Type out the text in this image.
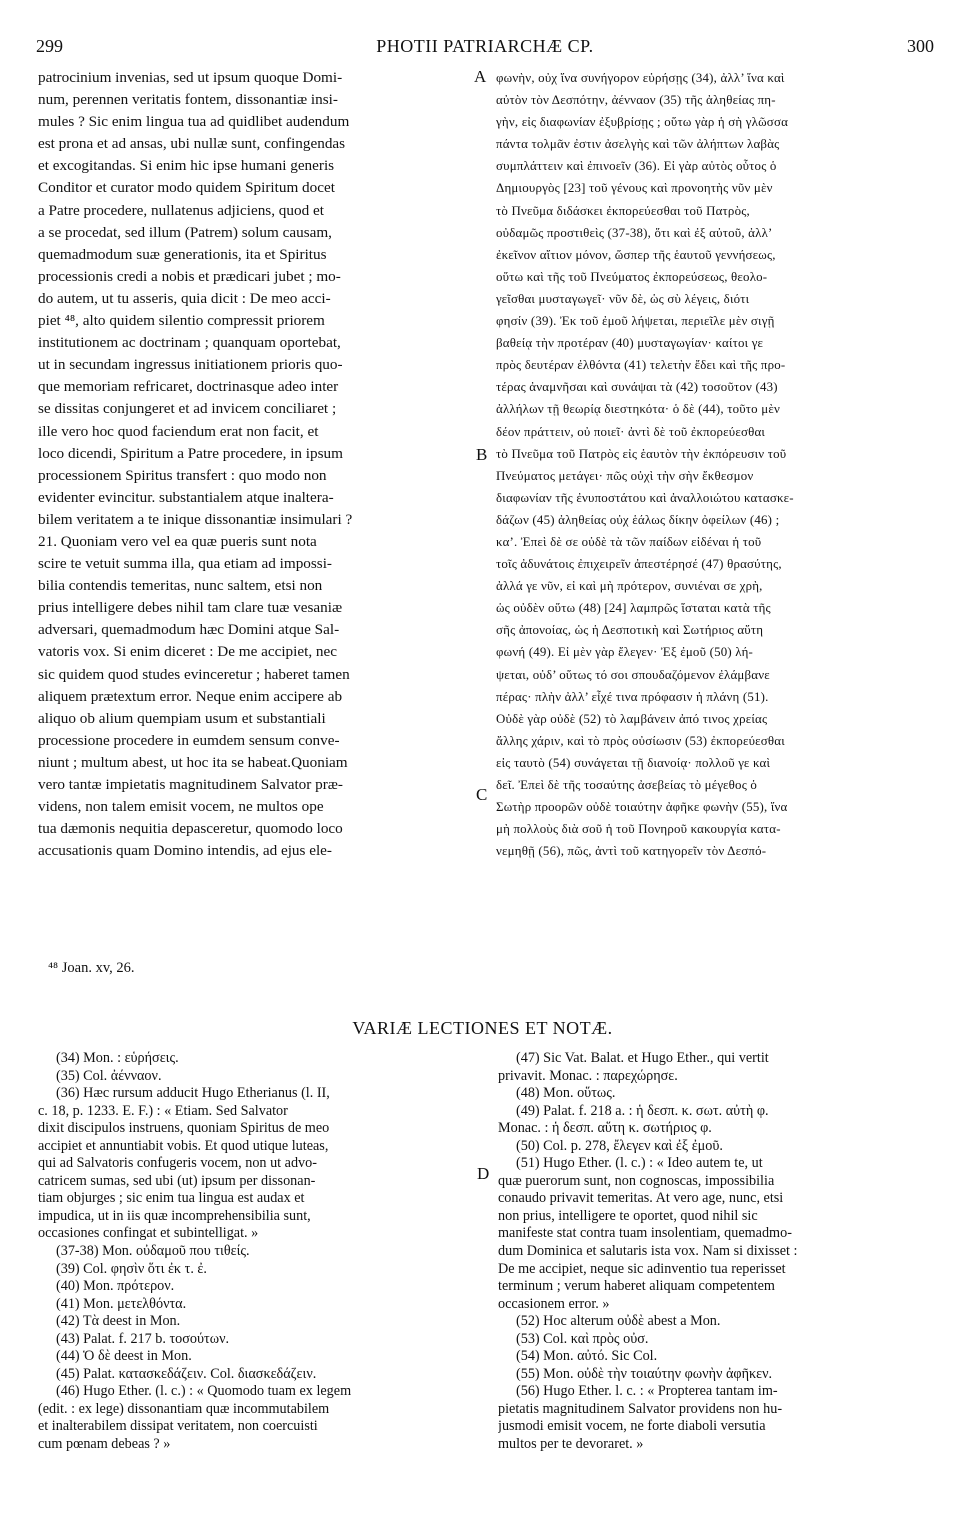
299	PHOTII PATRIARCHÆ CP.	300
patrocinium invenias, sed ut ipsum quoque Domi-
num, perennen veritatis fontem, dissonantiæ insi-
mules ? Sic enim lingua tua ad quidlibet audendum
est prona et ad ansas, ubi nullæ sunt, confingendas
et excogitandas. Si enim hic ipse humani generis
Conditor et curator modo quidem Spiritum docet
a Patre procedere, nullatenus adjiciens, quod et
a se procedat, sed illum (Patrem) solum causam,
quemadmodum suæ generationis, ita et Spiritus
processionis credi a nobis et prædicari jubet ; mo-
do autem, ut tu asseris, quia dicit : De meo acci-
piet ⁴⁸, alto quidem silentio compressit priorem
institutionem ac doctrinam ; quanquam oportebat,
ut in secundam ingressus initiationem prioris quo-
que memoriam refricaret, doctrinasque adeo inter
se dissitas conjungeret et ad invicem conciliaret ;
ille vero hoc quod faciendum erat non facit, et
loco dicendi, Spiritum a Patre procedere, in ipsum
processionem Spiritus transfert : quo modo non
evidenter evincitur. substantialem atque inaltera-
bilem veritatem a te inique dissonantiæ insimulari ?
21. Quoniam vero vel ea quæ pueris sunt nota
scire te vetuit summa illa, qua etiam ad impossi-
bilia contendis temeritas, nunc saltem, etsi non
prius intelligere debes nihil tam clare tuæ vesaniæ
adversari, quemadmodum hæc Domini atque Sal-
vatoris vox. Si enim diceret : De me accipiet, nec
sic quidem quod studes evinceretur ; haberet tamen
aliquem prætextum error. Neque enim accipere ab
aliquo ob alium quempiam usum et substantiali
processione procedere in eumdem sensum conve-
niunt ; multum abest, ut hoc ita se habeat.Quoniam
vero tantæ impietatis magnitudinem Salvator præ-
videns, non talem emisit vocem, ne multos ope
tua dæmonis nequitia depasceretur, quomodo loco
accusationis quam Domino intendis, ad ejus ele-
φωνὴν, οὐχ ἵνα συνήγορον εὑρήσῃς (34), ἀλλ’ ἵνα καὶ
αὐτὸν τὸν Δεσπότην, ἀένναον (35) τῆς ἀληθείας πη-
γὴν, εἰς διαφωνίαν ἐξυβρίσῃς ; οὕτω γὰρ ἡ σὴ γλῶσσα
πάντα τολμᾶν ἐστιν ἀσελγὴς καὶ τῶν ἀλήπτων λαβὰς
συμπλάττειν καὶ ἐπινοεῖν (36). Εἰ γὰρ αὐτὸς οὗτος ὁ
Δημιουργὸς [23] τοῦ γένους καὶ προνοητὴς νῦν μὲν
τὸ Πνεῦμα διδάσκει ἐκπορεύεσθαι τοῦ Πατρὸς,
οὐδαμῶς προστιθεὶς (37-38), ὅτι καὶ ἐξ αὐτοῦ, ἀλλ’
ἐκεῖνον αἴτιον μόνον, ὥσπερ τῆς ἑαυτοῦ γεννήσεως,
οὕτω καὶ τῆς τοῦ Πνεύματος ἐκπορεύσεως, θεολο-
γεῖσθαι μυσταγωγεῖ· νῦν δὲ, ὡς σὺ λέγεις, διότι
φησίν (39). Ἐκ τοῦ ἐμοῦ λήψεται, περιεῖλε μὲν σιγῇ
βαθείᾳ τὴν προτέραν (40) μυσταγωγίαν· καίτοι γε
πρὸς δευτέραν ἐλθόντα (41) τελετὴν ἔδει καὶ τῆς προ-
τέρας ἀναμνῆσαι καὶ συνάψαι τὰ (42) τοσοῦτον (43)
ἀλλήλων τῇ θεωρίᾳ διεστηκότα· ὁ δὲ (44), τοῦτο μὲν
δέον πράττειν, οὐ ποιεῖ· ἀντὶ δὲ τοῦ ἐκπορεύεσθαι
τὸ Πνεῦμα τοῦ Πατρὸς εἰς ἑαυτὸν τὴν ἐκπόρευσιν τοῦ
Πνεύματος μετάγει· πῶς οὐχὶ τὴν σὴν ἔκθεσμον
διαφωνίαν τῆς ἐνυποστάτου καὶ ἀναλλοιώτου κατασκε-
δάζων (45) ἀληθείας οὐχ ἑάλως δίκην ὀφείλων (46) ;
κα’. Ἐπεὶ δὲ σε οὐδὲ τὰ τῶν παίδων εἰδέναι ἡ τοῦ
τοῖς ἀδυνάτοις ἐπιχειρεῖν ἀπεστέρησέ (47) θρασύτης,
ἀλλά γε νῦν, εἰ καὶ μὴ πρότερον, συνιέναι σε χρὴ,
ὡς οὐδὲν οὕτω (48) [24] λαμπρῶς ἵσταται κατὰ τῆς
σῆς ἀπονοίας, ὡς ἡ Δεσποτικὴ καὶ Σωτήριος αὕτη
φωνή (49). Εἰ μὲν γὰρ ἔλεγεν· Ἐξ ἐμοῦ (50) λή-
ψεται, οὐδ’ οὕτως τό σοι σπουδαζόμενον ἐλάμβανε
πέρας· πλὴν ἀλλ’ εἶχέ τινα πρόφασιν ἡ πλάνη (51).
Οὐδὲ γὰρ οὐδὲ (52) τὸ λαμβάνειν ἀπό τινος χρείας
ἄλλης χάριν, καὶ τὸ πρὸς οὐσίωσιν (53) ἐκπορεύεσθαι
εἰς ταυτὸ (54) συνάγεται τῇ διανοίᾳ· πολλοῦ γε καὶ
δεῖ. Ἐπεὶ δὲ τῆς τοσαύτης ἀσεβείας τὸ μέγεθος ὁ
Σωτὴρ προορῶν οὐδὲ τοιαύτην ἀφῆκε φωνὴν (55), ἵνα
μὴ πολλοὺς διὰ σοῦ ἡ τοῦ Πονηροῦ κακουργία κατα-
νεμηθῇ (56), πῶς, ἀντὶ τοῦ κατηγορεῖν τὸν Δεσπό-
A
B
C
D
⁴⁸ Joan. xv, 26.
VARIÆ LECTIONES ET NOTÆ.
(34) Mon. : εὑρήσεις.
(35) Col. ἀένναον.
(36) Hæc rursum adducit Hugo Etherianus (l. II,
c. 18, p. 1233. E. F.) : « Etiam. Sed Salvator
dixit discipulos instruens, quoniam Spiritus de meo
accipiet et annuntiabit vobis. Et quod utique luteas,
qui ad Salvatoris confugeris vocem, non ut advo-
catricem sumas, sed ubi (ut) ipsum per dissonan-
tiam objurges ; sic enim tua lingua est audax et
impudica, ut in iis quæ incomprehensibilia sunt,
occasiones confingat et subintelligat. »
(37-38) Mon. οὐδαμοῦ που τιθείς.
(39) Col. φησὶν ὅτι ἐκ τ. ἐ.
(40) Mon. πρότερον.
(41) Mon. μετελθόντα.
(42) Τὰ deest in Mon.
(43) Palat. f. 217 b. τοσούτων.
(44) Ὁ δὲ deest in Mon.
(45) Palat. κατασκεδάζειν. Col. διασκεδάζειν.
(46) Hugo Ether. (l. c.) : « Quomodo tuam ex legem
(edit. : ex lege) dissonantiam quæ incommutabilem
et inalterabilem dissipat veritatem, non coercuisti
cum pœnam debeas ? »
(47) Sic Vat. Balat. et Hugo Ether., qui vertit
privavit. Monac. : παρεχώρησε.
(48) Mon. οὕτως.
(49) Palat. f. 218 a. : ἡ δεσπ. κ. σωτ. αὐτὴ φ.
Monac. : ἡ δεσπ. αὕτη κ. σωτήριος φ.
(50) Col. p. 278, ἔλεγεν καὶ ἐξ ἐμοῦ.
(51) Hugo Ether. (l. c.) : « Ideo autem te, ut
quæ puerorum sunt, non cognoscas, impossibilia
conaudo privavit temeritas. At vero age, nunc, etsi
non prius, intelligere te oportet, quod nihil sic
manifeste stat contra tuam insolentiam, quemadmo-
dum Dominica et salutaris ista vox. Nam si dixisset :
De me accipiet, neque sic adinventio tua reperisset
terminum ; verum haberet aliquam competentem
occasionem error. »
(52) Hoc alterum οὐδὲ abest a Mon.
(53) Col. καὶ πρὸς οὐσ.
(54) Mon. αὐτό. Sic Col.
(55) Mon. οὐδὲ τὴν τοιαύτην φωνὴν ἀφῆκεν.
(56) Hugo Ether. l. c. : « Propterea tantam im-
pietatis magnitudinem Salvator providens non hu-
jusmodi emisit vocem, ne forte diaboli versutia
multos per te devoraret. »
